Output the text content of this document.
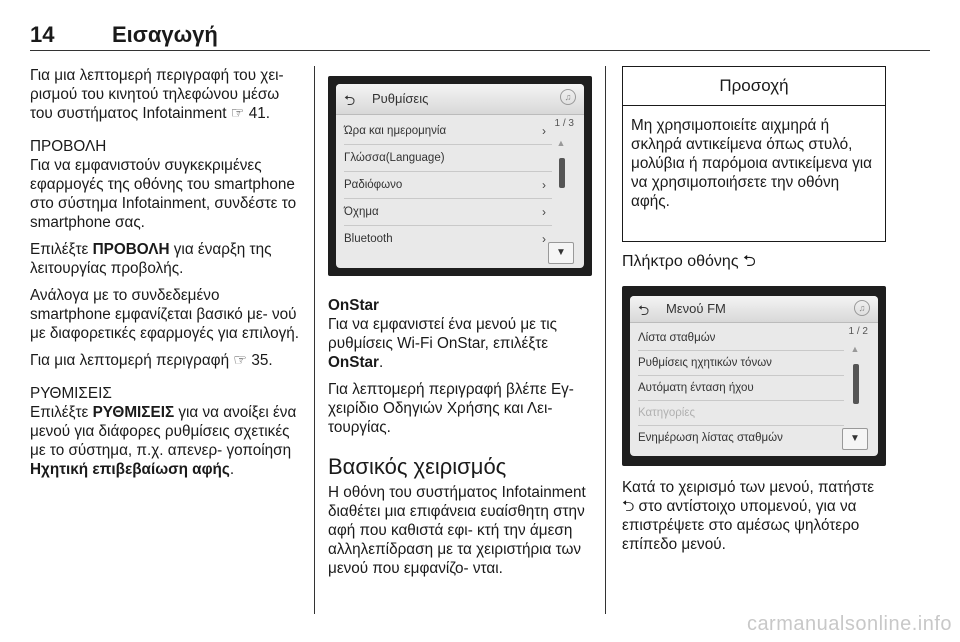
14	Εισαγωγή

Για μια λεπτομερή περιγραφή του χει- ρισμού του κινητού τηλεφώνου μέσω του συστήματος Infotainment ☞ 41.

ΠΡΟΒΟΛΗ

Για να εμφανιστούν συγκεκριμένες εφαρμογές της οθόνης του smartphone στο σύστημα Infotainment, συνδέστε το smartphone σας.

Επιλέξτε ΠΡΟΒΟΛΗ για έναρξη της λειτουργίας προβολής.

Ανάλογα με το συνδεδεμένο smartphone εμφανίζεται βασικό με- νού με διαφορετικές εφαρμογές για επιλογή.

Για μια λεπτομερή περιγραφή ☞ 35.

ΡΥΘΜΙΣΕΙΣ

Επιλέξτε ΡΥΘΜΙΣΕΙΣ για να ανοίξει ένα μενού για διάφορες ρυθμίσεις σχετικές με το σύστημα, π.χ. απενερ- γοποίηση Ηχητική επιβεβαίωση αφής.

⮌ Ρυθμίσεις	♫
Ώρα και ημερομηνία	›
Γλώσσα(Language)
Ραδιόφωνο	›
Όχημα	›
Bluetooth	›
1 / 3
▲
▼
OnStar

Για να εμφανιστεί ένα μενού με τις ρυθμίσεις Wi-Fi OnStar, επιλέξτε OnStar.

Για λεπτομερή περιγραφή βλέπε Εγ- χειρίδιο Οδηγιών Χρήσης και Λει- τουργίας.

Βασικός χειρισμός

Η οθόνη του συστήματος Infotainment διαθέτει μια επιφάνεια ευαίσθητη στην αφή που καθιστά εφι- κτή την άμεση αλληλεπίδραση με τα χειριστήρια των μενού που εμφανίζο- νται.

Προσοχή
Μη χρησιμοποιείτε αιχμηρά ή σκληρά αντικείμενα όπως στυλό, μολύβια ή παρόμοια αντικείμενα για να χρησιμοποιήσετε την οθόνη αφής.
Πλήκτρο οθόνης ⮌
⮌ Μενού FM	♫
Λίστα σταθμών
Ρυθμίσεις ηχητικών τόνων
Αυτόματη ένταση ήχου
Κατηγορίες
Ενημέρωση λίστας σταθμών
1 / 2
▲
▼

Κατά το χειρισμό των μενού, πατήστε ⮌ στο αντίστοιχο υπομενού, για να επιστρέψετε στο αμέσως ψηλότερο επίπεδο μενού.

carmanualsonline.info
